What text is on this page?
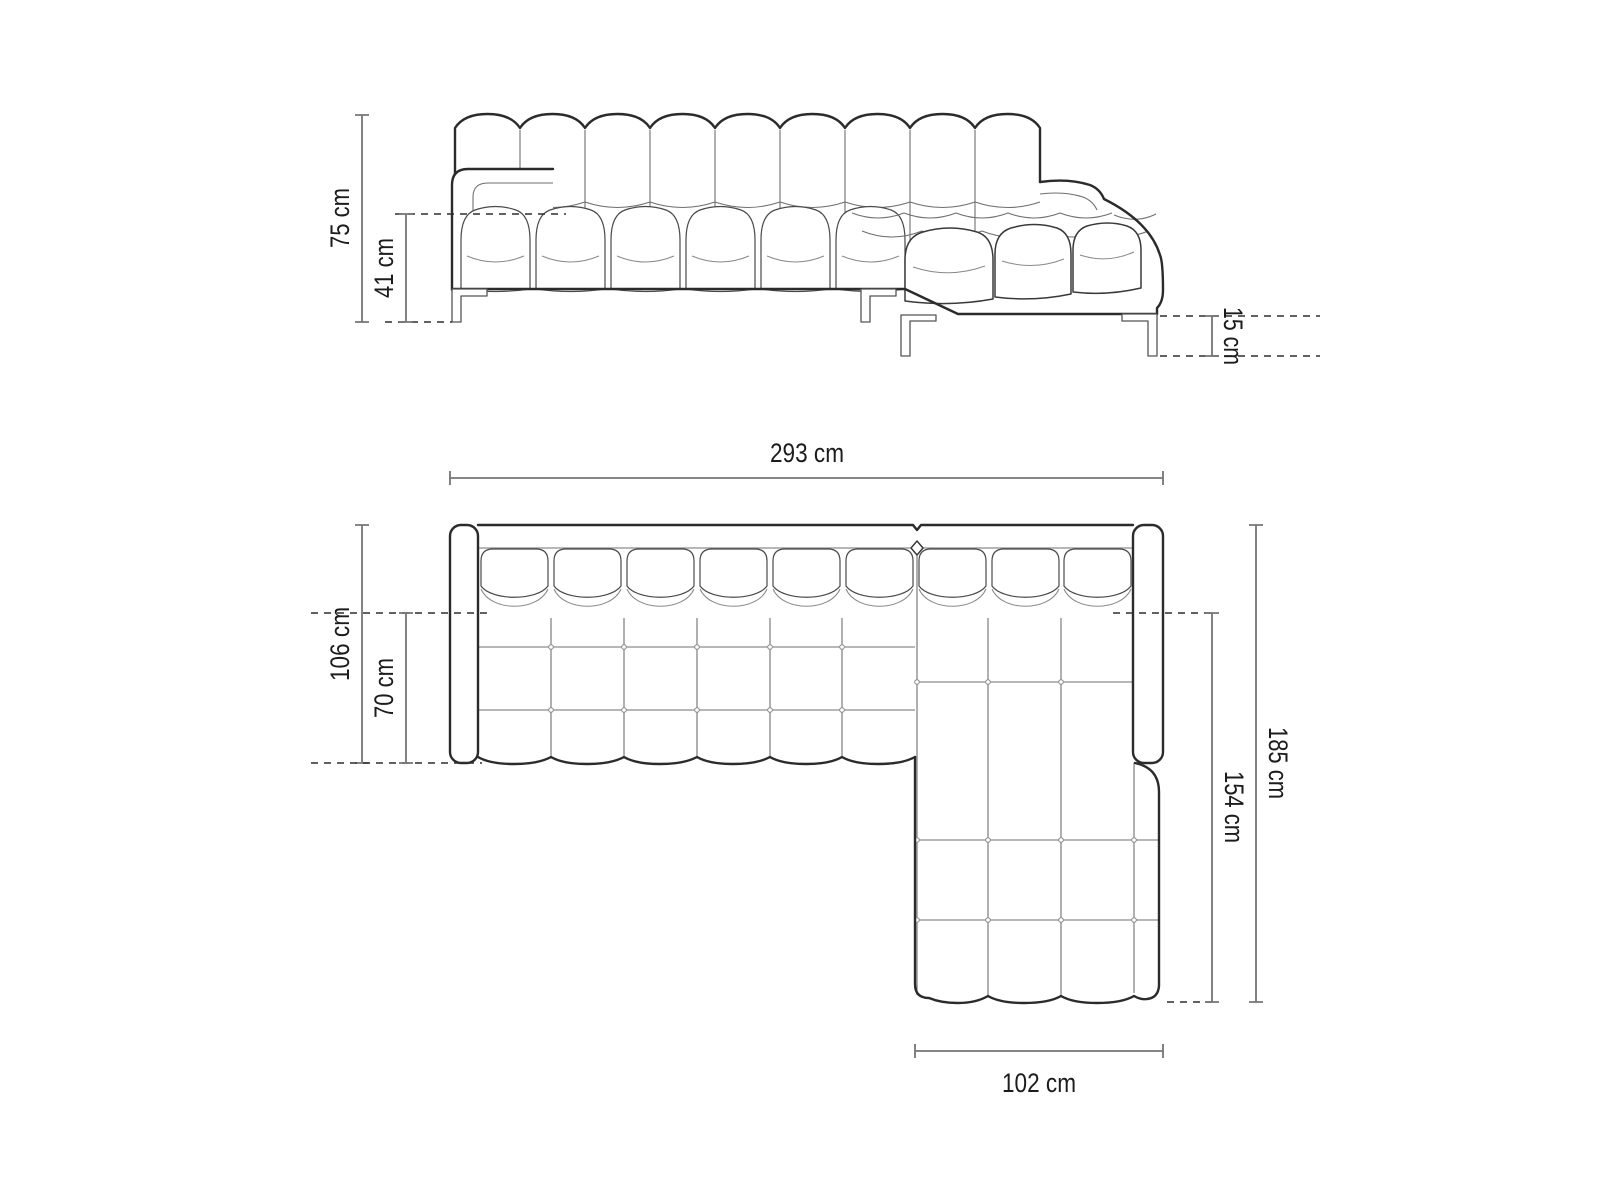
75 cm
41 cm
15 cm
293 cm
106 cm
70 cm
185 cm
154 cm
102 cm
